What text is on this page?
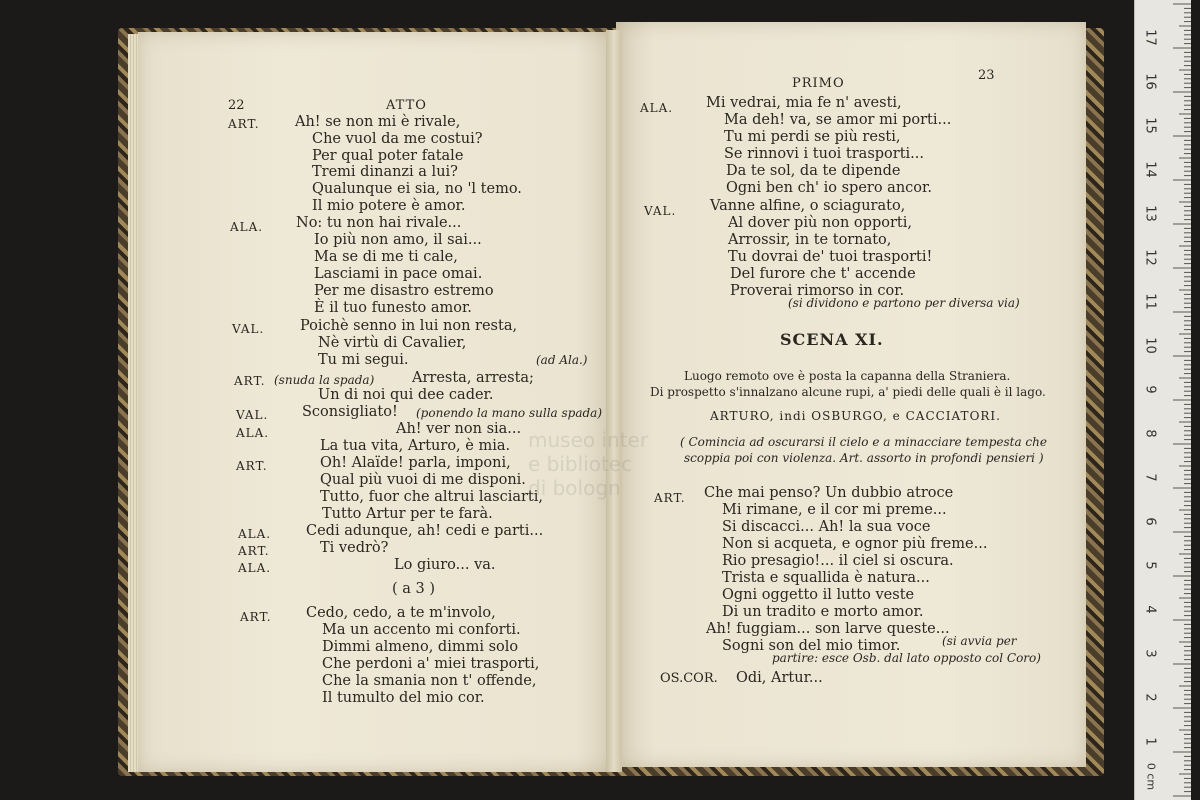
22	ATTO
ART. Ah! se non mi è rivale,
Che vuol da me costui?
Per qual poter fatale
Tremi dinanzi a lui?
Qualunque ei sia, no 'l temo.
Il mio potere è amor.
ALA. No: tu non hai rivale...
Io più non amo, il sai...
Ma se di me ti cale,
Lasciami in pace omai.
Per me disastro estremo
È il tuo funesto amor.
VAL. Poichè senno in lui non resta,
Nè virtù di Cavalier,
Tu mi segui.	(ad Ala.)
ART. (snuda la spada)	Arresta, arresta;
Un di noi qui dee cader.
VAL. Sconsigliato! (ponendo la mano sulla spada)
ALA.	Ah! ver non sia...
La tua vita, Arturo, è mia.
ART.	Oh! Alaïde! parla, imponi,
Qual più vuoi di me disponi.
Tutto, fuor che altrui lasciarti,
Tutto Artur per te farà.
ALA. Cedi adunque, ah! cedi e parti...
ART.	Ti vedrò?
ALA.	Lo giuro... va.
( a 3 )
ART. Cedo, cedo, a te m'involo,
Ma un accento mi conforti.
Dimmi almeno, dimmi solo
Che perdoni a' miei trasporti,
Che la smania non t' offende,
Il tumulto del mio cor.
museo inter
e bibliotec
di bologn
PRIMO
23
ALA. Mi vedrai, mia fe n' avesti,
Ma deh! va, se amor mi porti...
Tu mi perdi se più resti,
Se rinnovi i tuoi trasporti...
Da te sol, da te dipende
Ogni ben ch' io spero ancor.
VAL. Vanne alfine, o sciagurato,
Al dover più non opporti,
Arrossir, in te tornato,
Tu dovrai de' tuoi trasporti!
Del furore che t' accende
Proverai rimorso in cor.
(si dividono e partono per diversa via)
SCENA XI.
Luogo remoto ove è posta la capanna della Straniera.
Di prospetto s'innalzano alcune rupi, a' piedi delle quali è il lago.
ARTURO, indi OSBURGO, e CACCIATORI.
( Comincia ad oscurarsi il cielo e a minacciare tempesta che
scoppia poi con violenza. Art. assorto in profondi pensieri )
ART. Che mai penso? Un dubbio atroce
Mi rimane, e il cor mi preme...
Si discacci... Ah! la sua voce
Non si acqueta, e ognor più freme...
Rio presagio!... il ciel si oscura.
Trista e squallida è natura...
Ogni oggetto il lutto veste
Di un tradito e morto amor.
Ah! fuggiam... son larve queste...
Sogni son del mio timor.	(si avvia per
partire: esce Osb. dal lato opposto col Coro)
OS.COR. Odi, Artur...
17
16
15
14
13
12
11
10
9
8
7
6
5
4
3
2
1
0 cm
